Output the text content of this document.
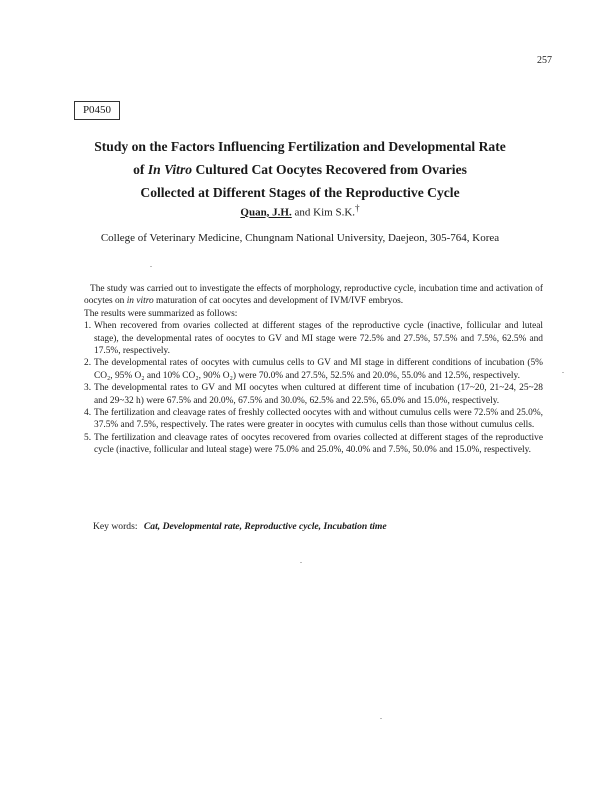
257
P0450
Study on the Factors Influencing Fertilization and Developmental Rate
of In Vitro Cultured Cat Oocytes Recovered from Ovaries
Collected at Different Stages of the Reproductive Cycle
Quan, J.H. and Kim S.K.†
College of Veterinary Medicine, Chungnam National University, Daejeon, 305-764, Korea

The study was carried out to investigate the effects of morphology, reproductive cycle, incubation time and activation of oocytes on in vitro maturation of cat oocytes and development of IVM/IVF embryos.

The results were summarized as follows:

1. When recovered from ovaries collected at different stages of the reproductive cycle (inactive, follicular and luteal stage), the developmental rates of oocytes to GV and MI stage were 72.5% and 27.5%, 57.5% and 7.5%, 62.5% and 17.5%, respectively.
2. The developmental rates of oocytes with cumulus cells to GV and MI stage in different conditions of incubation (5% CO₂, 95% O₂ and 10% CO₂, 90% O₂) were 70.0% and 27.5%, 52.5% and 20.0%, 55.0% and 12.5%, respectively.
3. The developmental rates to GV and MI oocytes when cultured at different time of incubation (17~20, 21~24, 25~28 and 29~32 h) were 67.5% and 20.0%, 67.5% and 30.0%, 62.5% and 22.5%, 65.0% and 15.0%, respectively.
4. The fertilization and cleavage rates of freshly collected oocytes with and without cumulus cells were 72.5% and 25.0%, 37.5% and 7.5%, respectively. The rates were greater in oocytes with cumulus cells than those without cumulus cells.
5. The fertilization and cleavage rates of oocytes recovered from ovaries collected at different stages of the reproductive cycle (inactive, follicular and luteal stage) were 75.0% and 25.0%, 40.0% and 7.5%, 50.0% and 15.0%, respectively.
Key words: Cat, Developmental rate, Reproductive cycle, Incubation time
